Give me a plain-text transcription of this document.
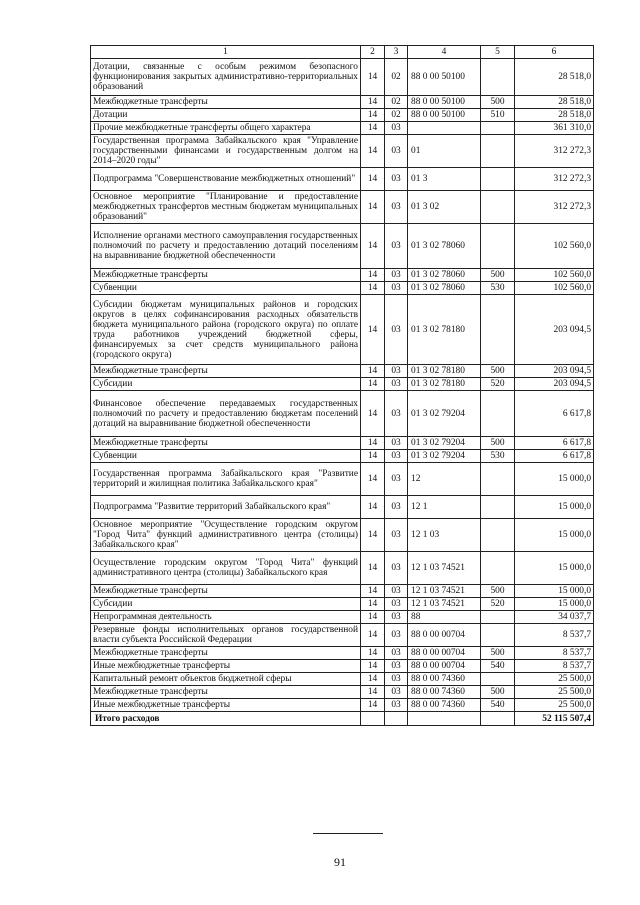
1	2	3	4	5	6
Дотации, связанные с особым режимом безопасного функционирования закрытых административно-территориальных образований	14	02	88 0 00 50100		28 518,0
Межбюджетные трансферты	14	02	88 0 00 50100	500	28 518,0
Дотации	14	02	88 0 00 50100	510	28 518,0
Прочие межбюджетные трансферты общего характера	14	03			361 310,0
Государственная программа Забайкальского края "Управление государственными финансами и государственным долгом на 2014–2020 годы"	14	03	01		312 272,3
Подпрограмма "Совершенствование межбюджетных отношений"	14	03	01 3		312 272,3
Основное мероприятие "Планирование и предоставление межбюджетных трансфертов местным бюджетам муниципальных образований"	14	03	01 3 02		312 272,3
Исполнение органами местного самоуправления государственных полномочий по расчету и предоставлению дотаций поселениям на выравнивание бюджетной обеспеченности	14	03	01 3 02 78060		102 560,0
Межбюджетные трансферты	14	03	01 3 02 78060	500	102 560,0
Субвенции	14	03	01 3 02 78060	530	102 560,0
Субсидии бюджетам муниципальных районов и городских округов в целях софинансирования расходных обязательств бюджета муниципального района (городского округа) по оплате труда работников учреждений бюджетной сферы, финансируемых за счет средств муниципального района (городского округа)	14	03	01 3 02 78180		203 094,5
Межбюджетные трансферты	14	03	01 3 02 78180	500	203 094,5
Субсидии	14	03	01 3 02 78180	520	203 094,5
Финансовое обеспечение передаваемых государственных полномочий по расчету и предоставлению бюджетам поселений дотаций на выравнивание бюджетной обеспеченности	14	03	01 3 02 79204		6 617,8
Межбюджетные трансферты	14	03	01 3 02 79204	500	6 617,8
Субвенции	14	03	01 3 02 79204	530	6 617,8
Государственная программа Забайкальского края "Развитие территорий и жилищная политика Забайкальского края"	14	03	12		15 000,0
Подпрограмма "Развитие территорий Забайкальского края"	14	03	12 1		15 000,0
Основное мероприятие "Осуществление городским округом "Город Чита" функций административного центра (столицы) Забайкальского края"	14	03	12 1 03		15 000,0
Осуществление городским округом "Город Чита" функций административного центра (столицы) Забайкальского края	14	03	12 1 03 74521		15 000,0
Межбюджетные трансферты	14	03	12 1 03 74521	500	15 000,0
Субсидии	14	03	12 1 03 74521	520	15 000,0
Непрограммная деятельность	14	03	88		34 037,7
Резервные фонды исполнительных органов государственной власти субъекта Российской Федерации	14	03	88 0 00 00704		8 537,7
Межбюджетные трансферты	14	03	88 0 00 00704	500	8 537,7
Иные межбюджетные трансферты	14	03	88 0 00 00704	540	8 537,7
Капитальный ремонт объектов бюджетной сферы	14	03	88 0 00 74360		25 500,0
Межбюджетные трансферты	14	03	88 0 00 74360	500	25 500,0
Иные межбюджетные трансферты	14	03	88 0 00 74360	540	25 500,0
Итого расходов					52 115 507,4
91
